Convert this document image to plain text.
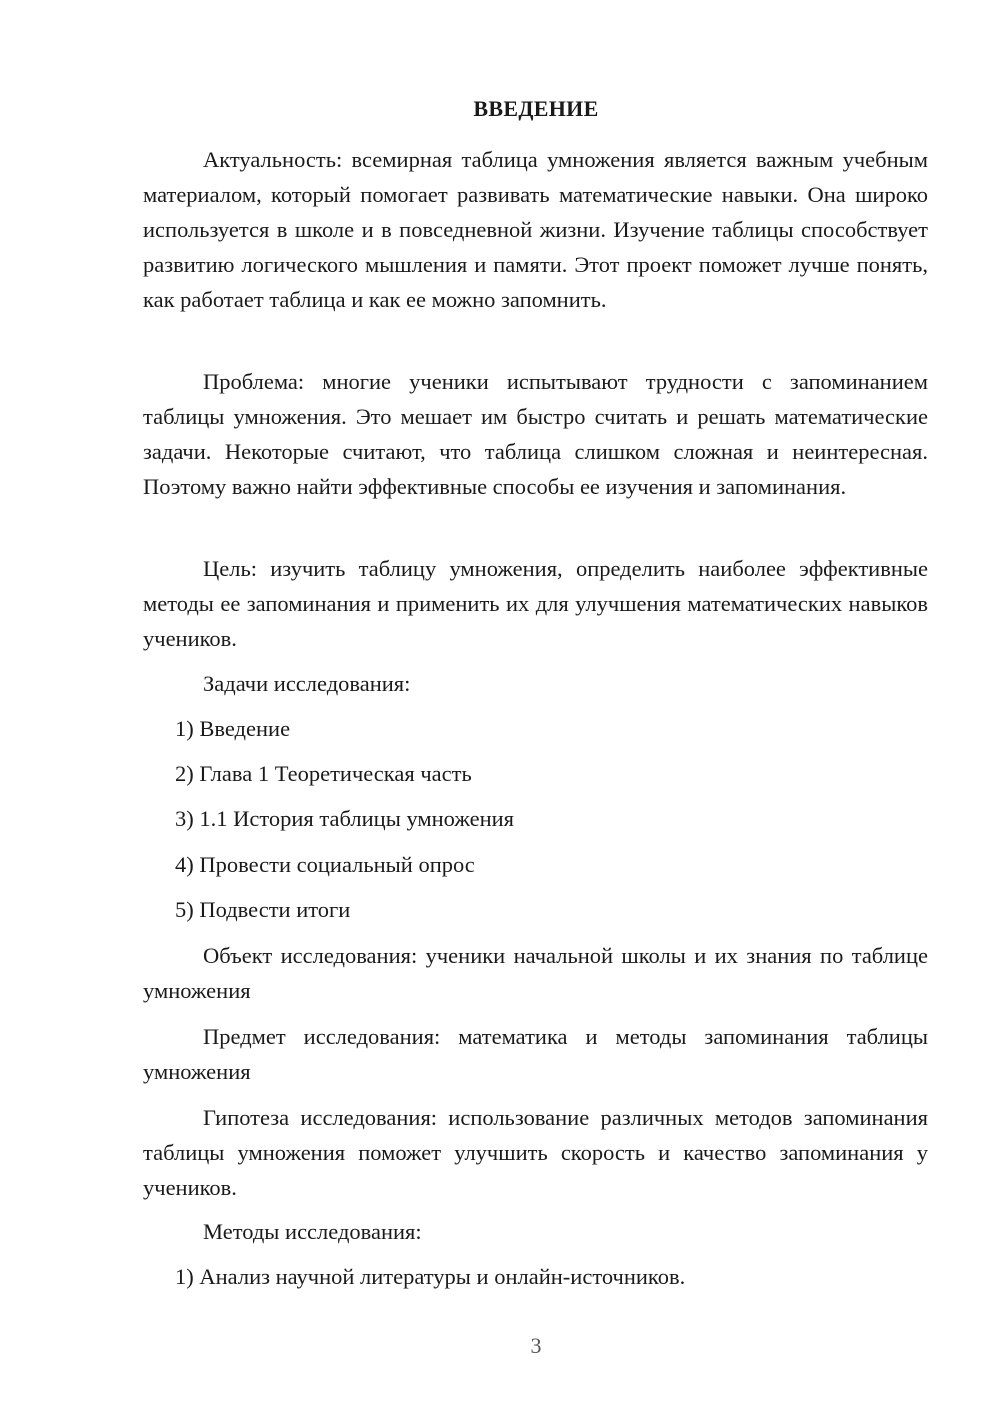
ВВЕДЕНИЕ

Актуальность: всемирная таблица умножения является важным учебным материалом, который помогает развивать математические навыки. Она широко используется в школе и в повседневной жизни. Изучение таблицы способствует развитию логического мышления и памяти. Этот проект поможет лучше понять, как работает таблица и как ее можно запомнить.

Проблема: многие ученики испытывают трудности с запоминанием таблицы умножения. Это мешает им быстро считать и решать математические задачи. Некоторые считают, что таблица слишком сложная и неинтересная. Поэтому важно найти эффективные способы ее изучения и запоминания.

Цель: изучить таблицу умножения, определить наиболее эффективные методы ее запоминания и применить их для улучшения математических навыков учеников.

Задачи исследования:
1) Введение
2) Глава 1 Теоретическая часть
3) 1.1 История таблицы умножения
4) Провести социальный опрос
5) Подвести итоги

Объект исследования: ученики начальной школы и их знания по таблице умножения

Предмет исследования: математика и методы запоминания таблицы умножения

Гипотеза исследования: использование различных методов запоминания таблицы умножения поможет улучшить скорость и качество запоминания у учеников.

Методы исследования:
1) Анализ научной литературы и онлайн-источников.
3
